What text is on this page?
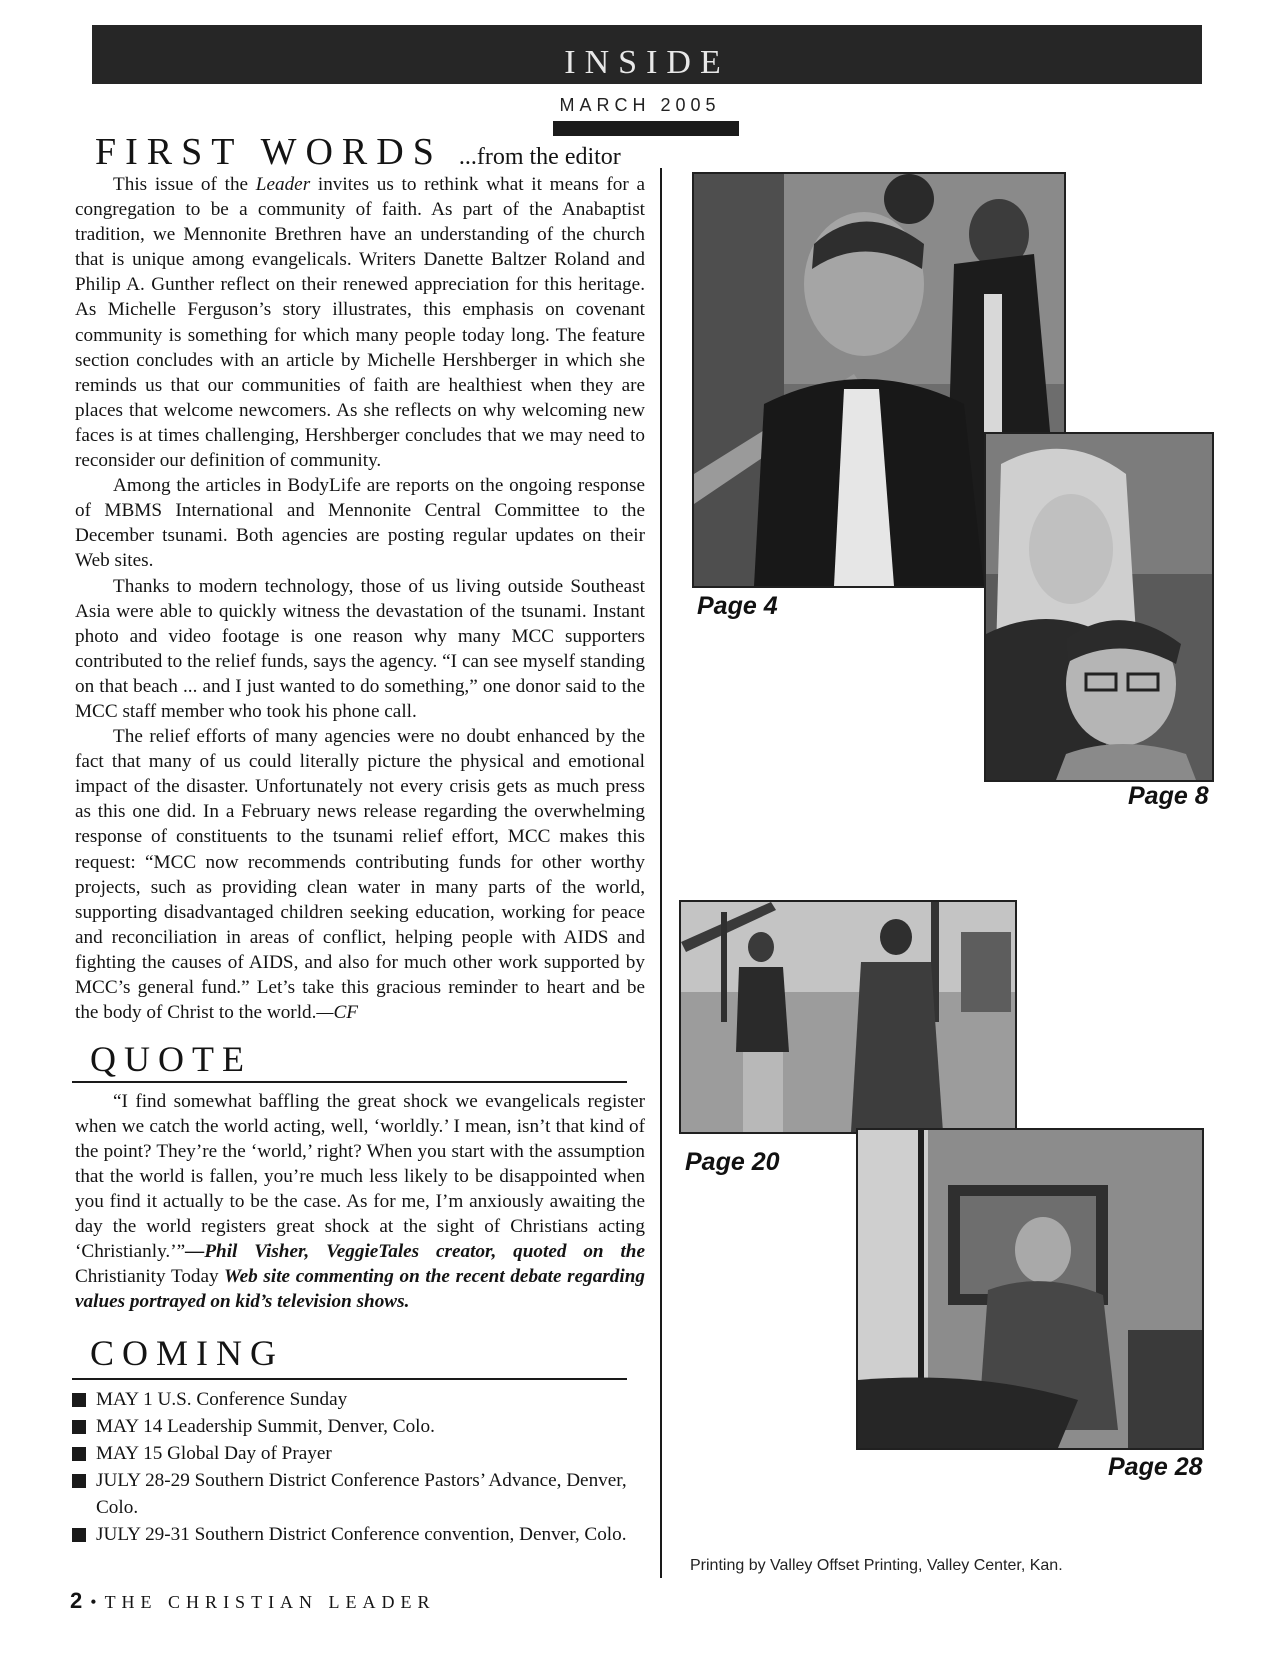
INSIDE
MARCH 2005
FIRST WORDS ...from the editor

This issue of the Leader invites us to rethink what it means for a congregation to be a community of faith. As part of the Anabaptist tradition, we Mennonite Brethren have an understanding of the church that is unique among evangelicals. Writers Danette Baltzer Roland and Philip A. Gunther reflect on their renewed appreciation for this heritage. As Michelle Ferguson’s story illustrates, this emphasis on covenant community is something for which many people today long. The feature section concludes with an article by Michelle Hershberger in which she reminds us that our communities of faith are healthiest when they are places that welcome newcomers. As she reflects on why welcoming new faces is at times challenging, Hershberger concludes that we may need to reconsider our definition of community.

Among the articles in BodyLife are reports on the ongoing response of MBMS International and Mennonite Central Committee to the December tsunami. Both agencies are posting regular updates on their Web sites.

Thanks to modern technology, those of us living outside Southeast Asia were able to quickly witness the devastation of the tsunami. Instant photo and video footage is one reason why many MCC supporters contributed to the relief funds, says the agency. “I can see myself standing on that beach ... and I just wanted to do something,” one donor said to the MCC staff member who took his phone call.

The relief efforts of many agencies were no doubt enhanced by the fact that many of us could literally picture the physical and emotional impact of the disaster. Unfortunately not every crisis gets as much press as this one did. In a February news release regarding the overwhelming response of constituents to the tsunami relief effort, MCC makes this request: “MCC now recommends contributing funds for other worthy projects, such as providing clean water in many parts of the world, supporting disadvantaged children seeking education, working for peace and reconciliation in areas of conflict, helping people with AIDS and fighting the causes of AIDS, and also for much other work supported by MCC’s general fund.” Let’s take this gracious reminder to heart and be the body of Christ to the world.—CF

QUOTE

“I find somewhat baffling the great shock we evangelicals register when we catch the world acting, well, ‘worldly.’ I mean, isn’t that kind of the point? They’re the ‘world,’ right? When you start with the assumption that the world is fallen, you’re much less likely to be disappointed when you find it actually to be the case. As for me, I’m anxiously awaiting the day the world registers great shock at the sight of Christians acting ‘Christianly.’”—Phil Visher, VeggieTales creator, quoted on the Christianity Today Web site commenting on the recent debate regarding values portrayed on kid’s television shows.

COMING
MAY 1 U.S. Conference Sunday
MAY 14 Leadership Summit, Denver, Colo.
MAY 15 Global Day of Prayer
JULY 28-29 Southern District Conference Pastors’ Advance, Denver, Colo.
JULY 29-31 Southern District Conference convention, Denver, Colo.
2 • THE CHRISTIAN LEADER
Page 4
Page 8
Page 20
Page 28
Printing by Valley Offset Printing, Valley Center, Kan.
